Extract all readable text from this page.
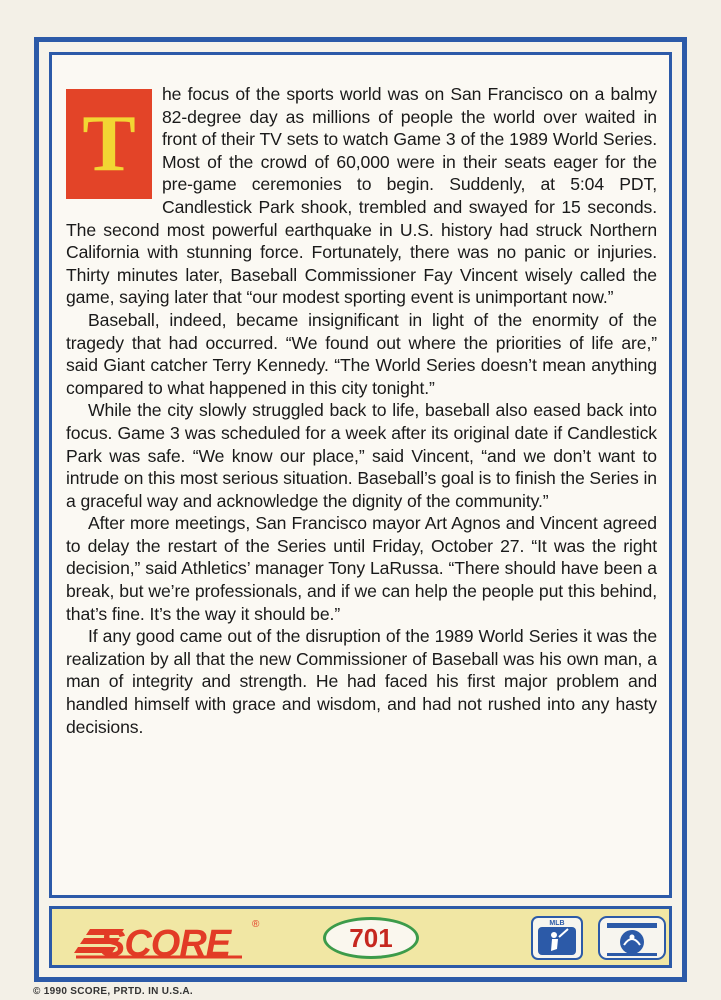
T

he focus of the sports world was on San Francisco on a balmy 82-degree day as millions of people the world over waited in front of their TV sets to watch Game 3 of the 1989 World Series. Most of the crowd of 60,000 were in their seats eager for the pre-game ceremonies to begin. Suddenly, at 5:04 PDT, Candlestick Park shook, trembled and swayed for 15 seconds. The second most powerful earthquake in U.S. history had struck Northern California with stunning force. Fortunately, there was no panic or injuries. Thirty minutes later, Baseball Commissioner Fay Vincent wisely called the game, saying later that “our modest sporting event is unimportant now.”

Baseball, indeed, became insignificant in light of the enormity of the tragedy that had occurred. “We found out where the priorities of life are,” said Giant catcher Terry Kennedy. “The World Series doesn’t mean anything compared to what happened in this city tonight.”

While the city slowly struggled back to life, baseball also eased back into focus. Game 3 was scheduled for a week after its original date if Candlestick Park was safe. “We know our place,” said Vincent, “and we don’t want to intrude on this most serious situation. Baseball’s goal is to finish the Series in a graceful way and acknowledge the dignity of the community.”

After more meetings, San Francisco mayor Art Agnos and Vincent agreed to delay the restart of the Series until Friday, October 27. “It was the right decision,” said Athletics’ manager Tony LaRussa. “There should have been a break, but we’re professionals, and if we can help the people put this behind, that’s fine. It’s the way it should be.”

If any good came out of the disruption of the 1989 World Series it was the realization by all that the new Commissioner of Baseball was his own man, a man of integrity and strength. He had faced his first major problem and handled himself with grace and wisdom, and had not rushed into any hasty decisions.

SCORE ®	701	MLB
© 1990 SCORE, PRTD. IN U.S.A.
